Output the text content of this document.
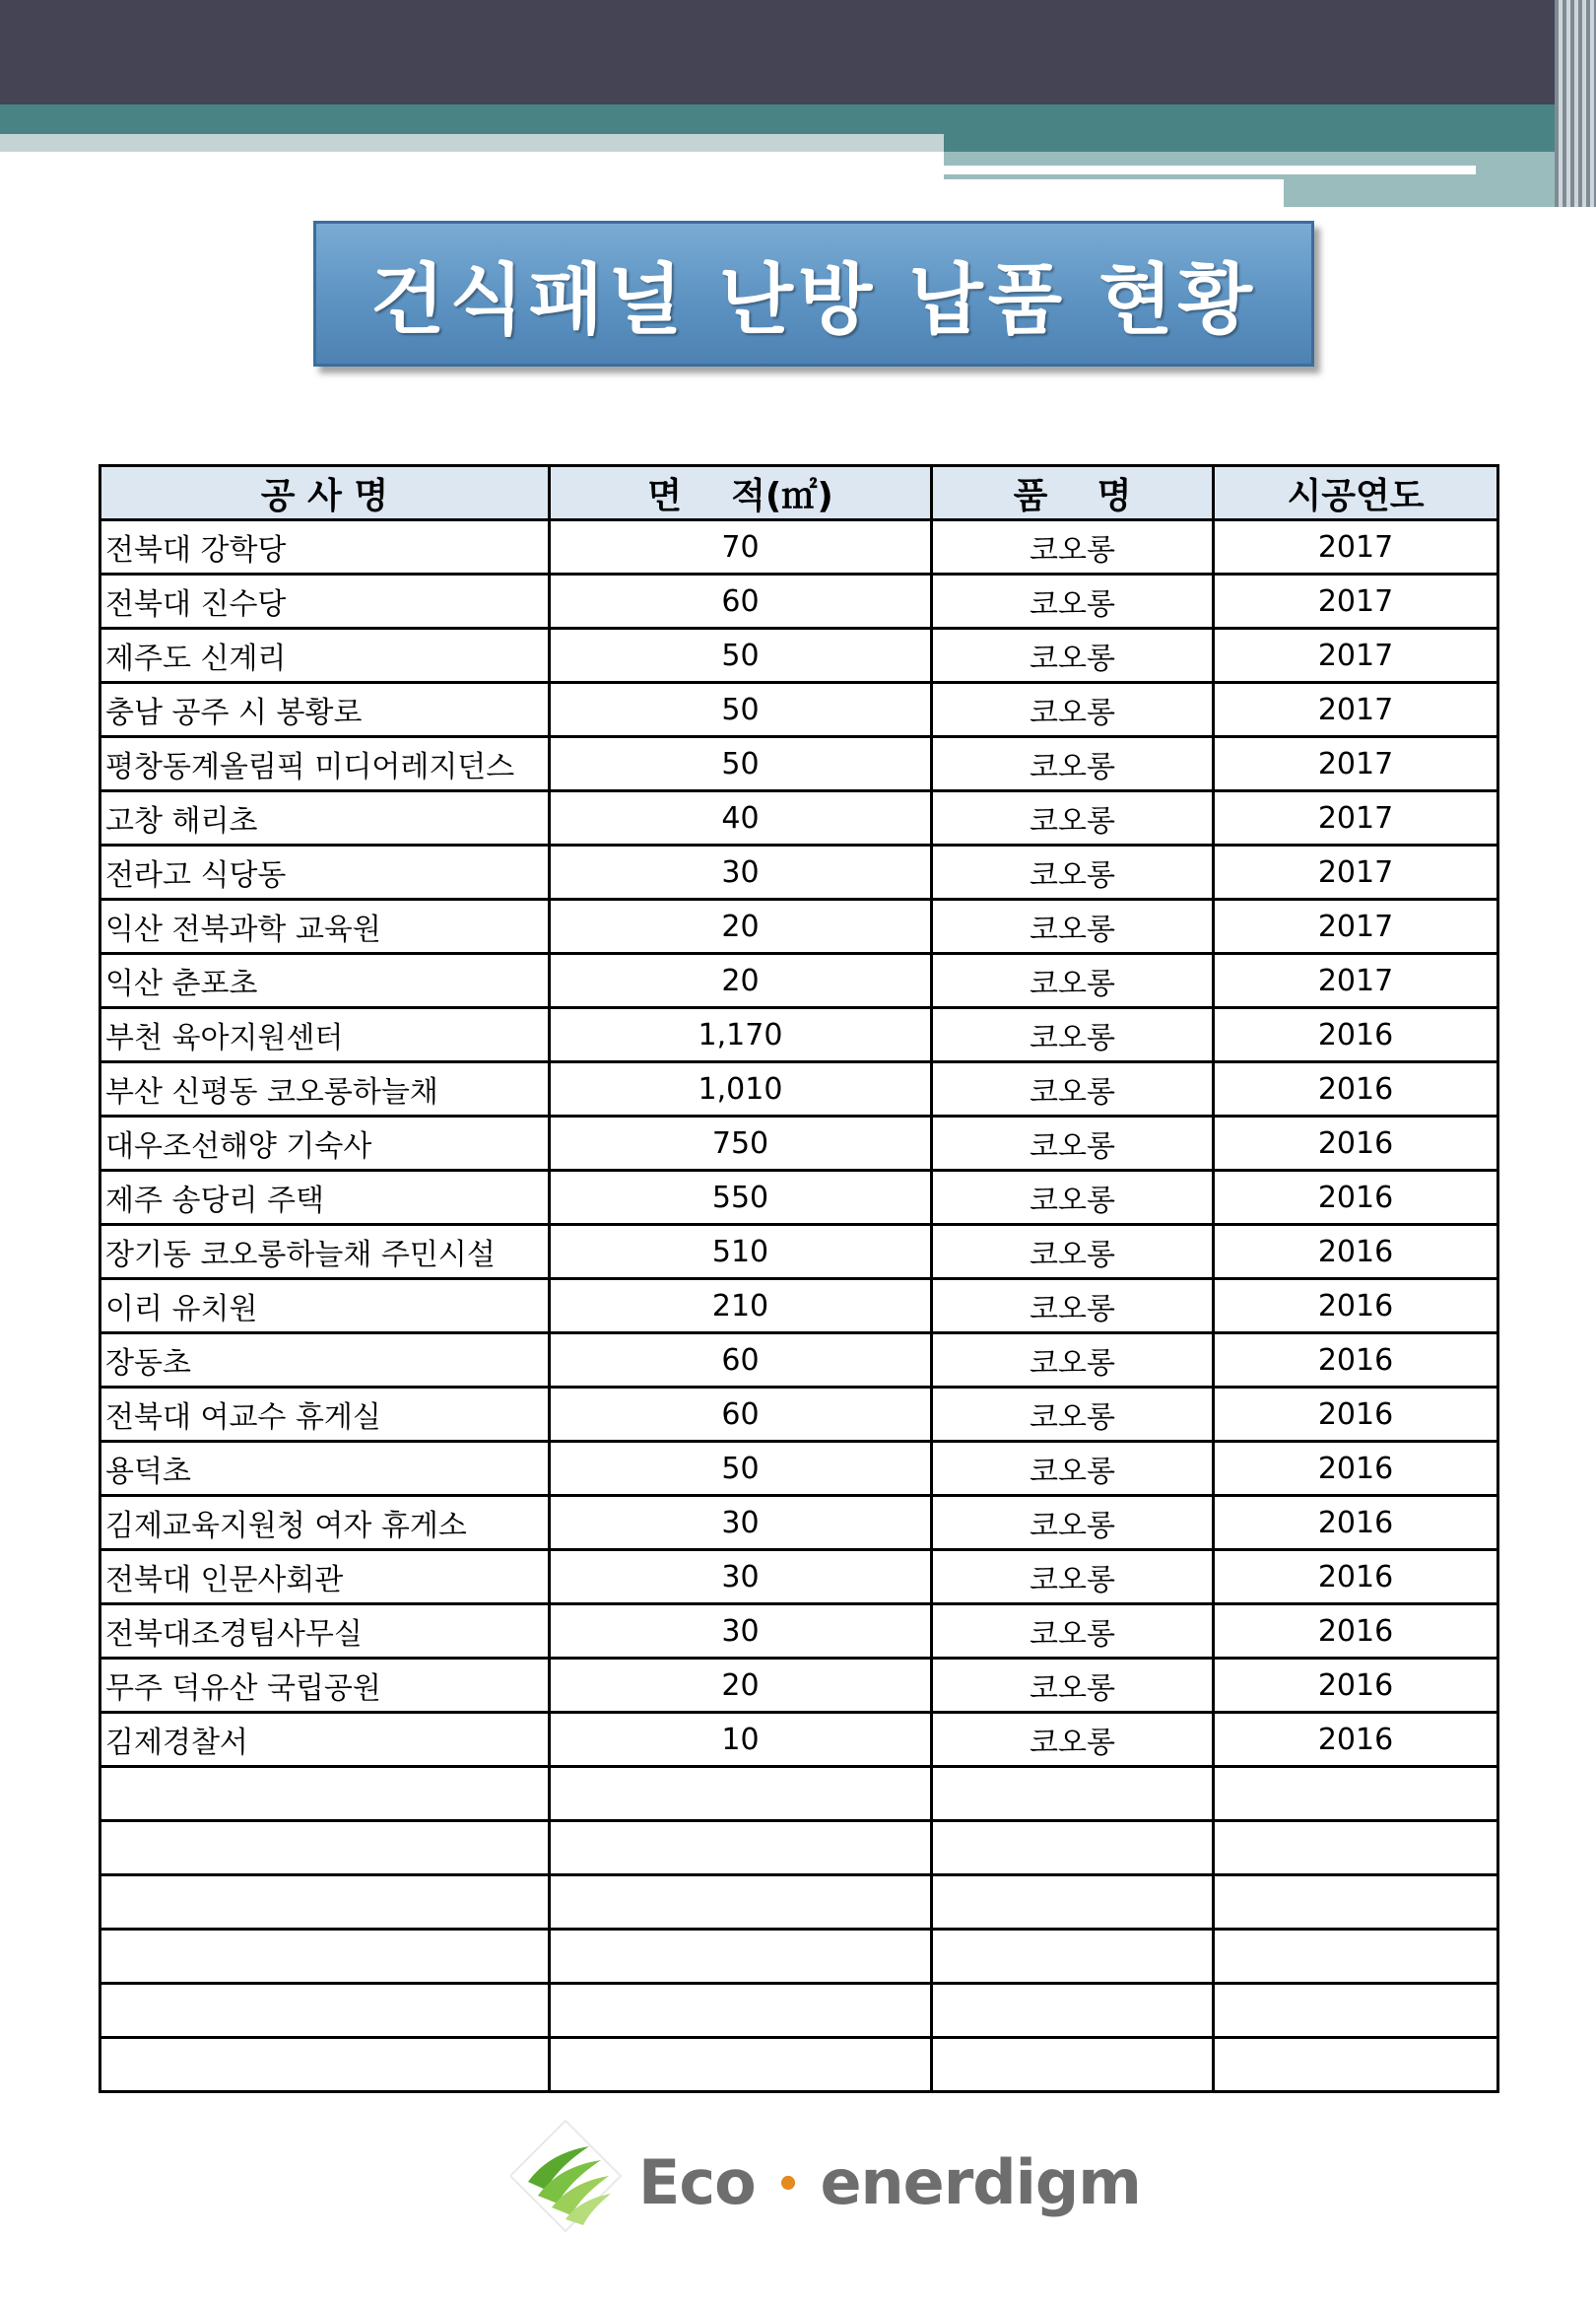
건식패널 난방 납품 현황
공 사 명	면    적(㎡)	품    명	시공연도
전북대 강학당	70	코오롱	2017
전북대 진수당	60	코오롱	2017
제주도 신계리	50	코오롱	2017
충남 공주 시 봉황로	50	코오롱	2017
평창동계올림픽 미디어레지던스	50	코오롱	2017
고창 해리초	40	코오롱	2017
전라고 식당동	30	코오롱	2017
익산 전북과학 교육원	20	코오롱	2017
익산 춘포초	20	코오롱	2017
부천 육아지원센터	1,170	코오롱	2016
부산 신평동 코오롱하늘채	1,010	코오롱	2016
대우조선해양 기숙사	750	코오롱	2016
제주 송당리 주택	550	코오롱	2016
장기동 코오롱하늘채 주민시설	510	코오롱	2016
이리 유치원	210	코오롱	2016
장동초	60	코오롱	2016
전북대 여교수 휴게실	60	코오롱	2016
용덕초	50	코오롱	2016
김제교육지원청 여자 휴게소	30	코오롱	2016
전북대 인문사회관	30	코오롱	2016
전북대조경팀사무실	30	코오롱	2016
무주 덕유산 국립공원	20	코오롱	2016
김제경찰서	10	코오롱	2016

Eco • enerdigm
